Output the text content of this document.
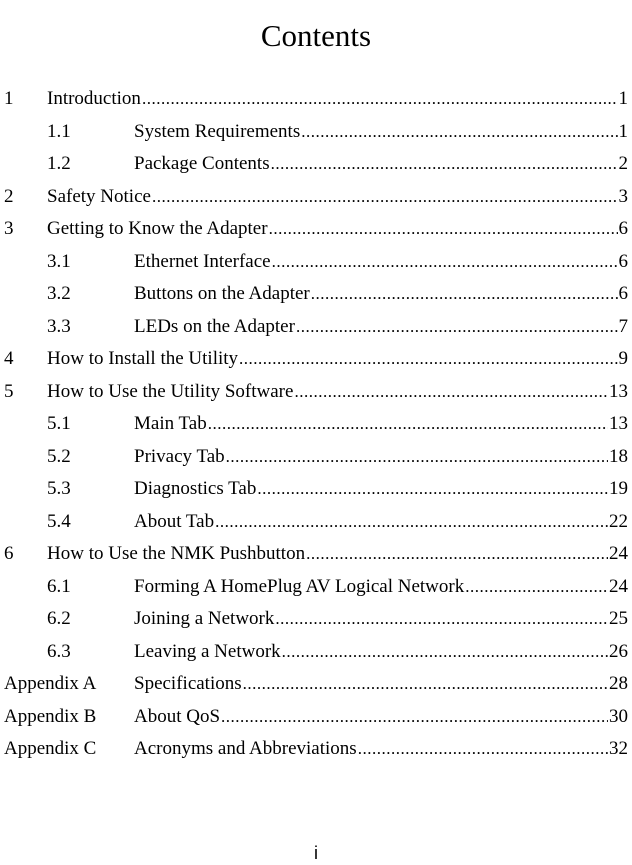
Contents
1 Introduction .....	1
1.1	System Requirements .....	1
1.2	Package Contents .....	2
2 Safety Notice .....	3
3 Getting to Know the Adapter .....	6
3.1	Ethernet Interface .....	6
3.2	Buttons on the Adapter .....	6
3.3	LEDs on the Adapter .....	7
4 How to Install the Utility .....	9
5 How to Use the Utility Software .....	13
5.1	Main Tab .....	13
5.2	Privacy Tab .....	18
5.3	Diagnostics Tab .....	19
5.4	About Tab .....	22
6 How to Use the NMK Pushbutton .....	24
6.1	Forming A HomePlug AV Logical Network .....	24
6.2	Joining a Network .....	25
6.3	Leaving a Network .....	26
Appendix A Specifications .....	28
Appendix B About QoS .....	30
Appendix C Acronyms and Abbreviations .....	32
i
